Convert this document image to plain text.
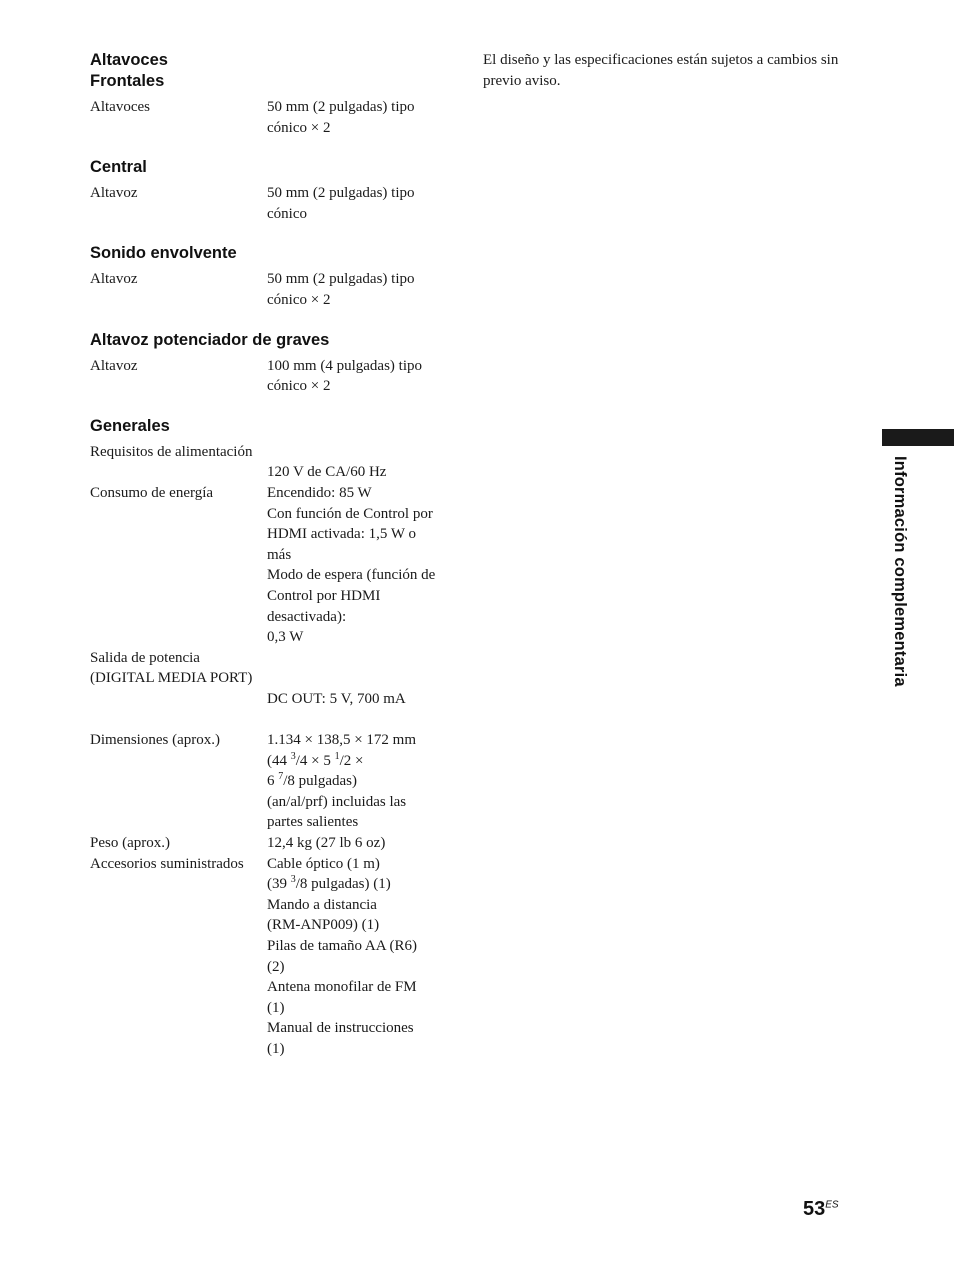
Altavoces
Frontales
Altavoces	50 mm (2 pulgadas) tipo
cónico × 2
Central
Altavoz	50 mm (2 pulgadas) tipo
cónico
Sonido envolvente
Altavoz	50 mm (2 pulgadas) tipo
cónico × 2
Altavoz potenciador de graves
Altavoz	100 mm (4 pulgadas) tipo
cónico × 2
Generales
Requisitos de alimentación
120 V de CA/60 Hz
Consumo de energía	Encendido: 85 W
Con función de Control por
HDMI activada: 1,5 W o
más
Modo de espera (función de
Control por HDMI
desactivada):
0,3 W
Salida de potencia
(DIGITAL MEDIA PORT)
DC OUT: 5 V, 700 mA
Dimensiones (aprox.)	1.134 × 138,5 × 172 mm
(44 $^3$/4 × 5 $^1$/2 ×
6 $^7$/8 pulgadas)
(an/al/prf) incluidas las
partes salientes
Peso (aprox.)	12,4 kg (27 lb 6 oz)
Accesorios suministrados	Cable óptico (1 m)
(39 $^3$/8 pulgadas) (1)
Mando a distancia
(RM-ANP009) (1)
Pilas de tamaño AA (R6)
(2)
Antena monofilar de FM
(1)
Manual de instrucciones
(1)

El diseño y las especificaciones están sujetos a cambios sin previo aviso.

Información complementaria
$53^{ES}$
